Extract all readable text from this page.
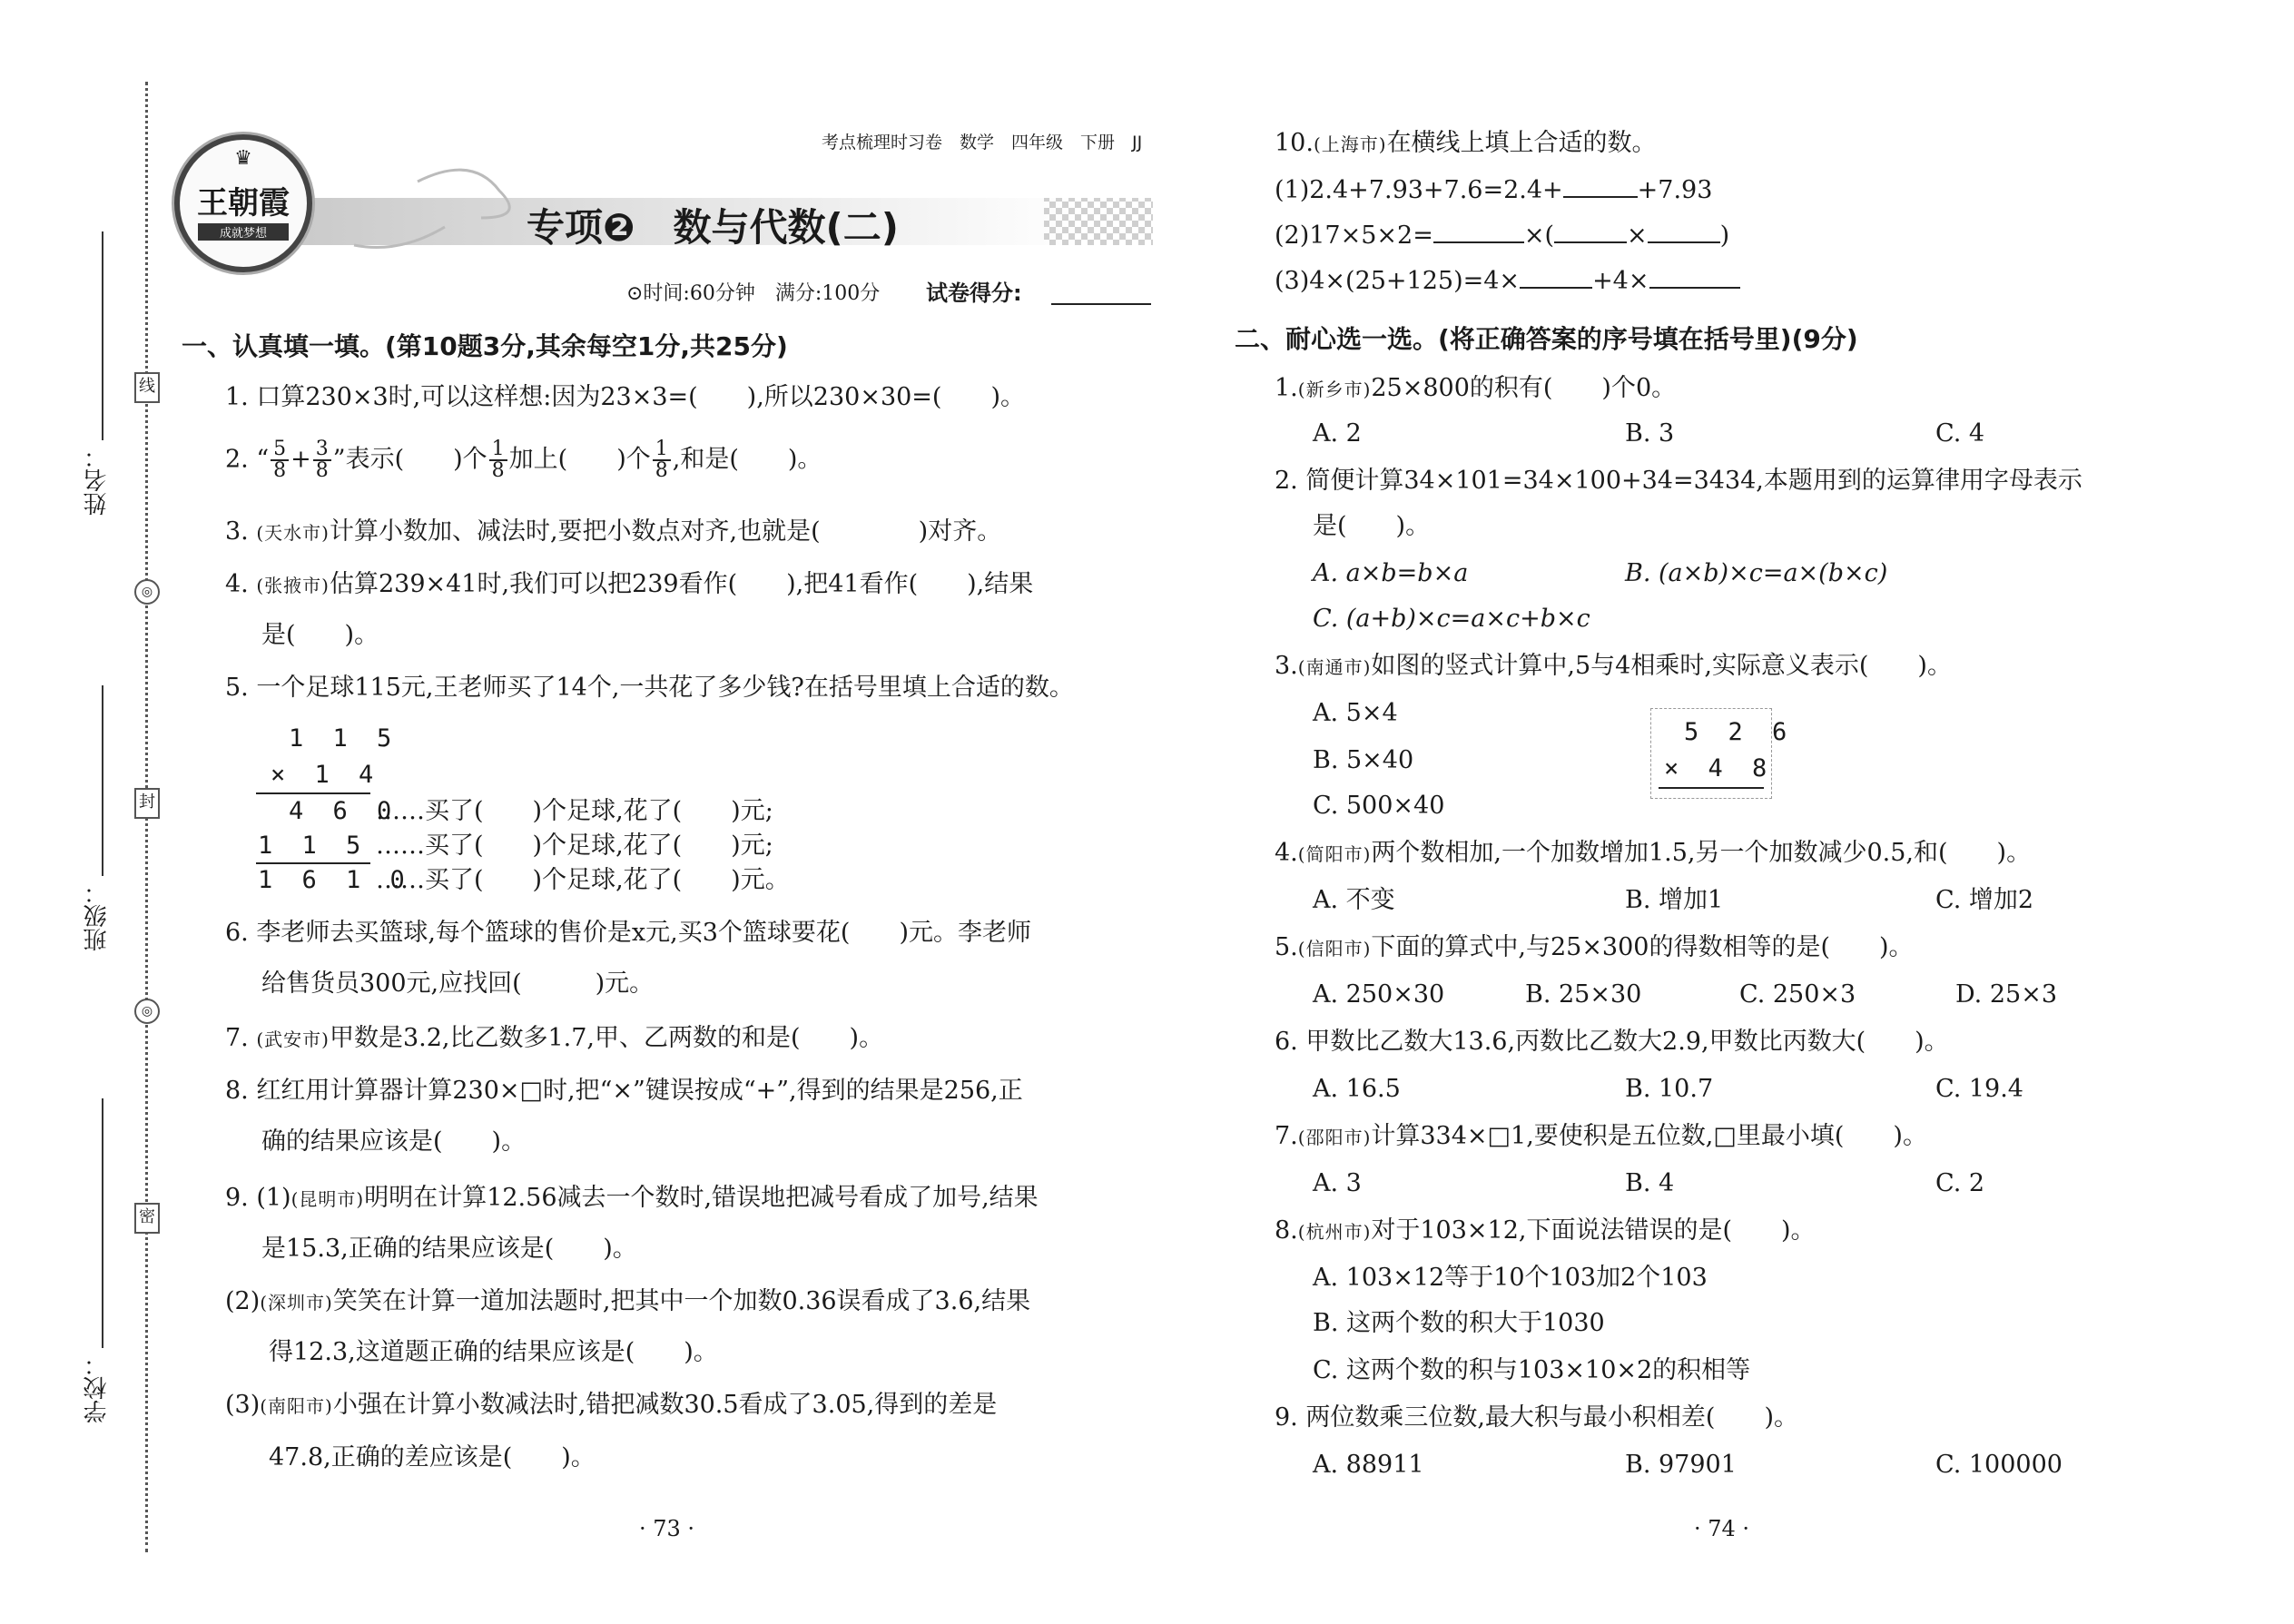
线
◎
封
◎
密
姓名：
班级：
学校：
♛
王朝霞
成就梦想
考点梳理时习卷　数学　四年级　下册　JJ
专项❷　数与代数(二)
⊙时间:60分钟　满分:100分 试卷得分:
一、认真填一填。(第10题3分,其余每空1分,共25分)
1. 口算230×3时,可以这样想:因为23×3=(　　),所以230×30=(　　)。
2. “ $\frac{5}{8} + \frac{3}{8}$ ”表示(　　)个 $\frac{1}{8}$ 加上(　　)个 $\frac{1}{8}$ ,和是(　　)。
3. (天水市)计算小数加、减法时,要把小数点对齐,也就是(　　　　)对齐。
4. (张掖市)估算239×41时,我们可以把239看作(　　),把41看作(　　),结果
是(　　)。
5. 一个足球115元,王老师买了14个,一共花了多少钱?在括号里填上合适的数。
1 1 5
× 1 4
4 6 0
……买了(　　)个足球,花了(　　)元;
1 1 5 ……买了(　　)个足球,花了(　　)元;
1 6 1 0
……买了(　　)个足球,花了(　　)元。
6. 李老师去买篮球,每个篮球的售价是x元,买3个篮球要花(　　)元。李老师
给售货员300元,应找回(　　　)元。
7. (武安市)甲数是3.2,比乙数多1.7,甲、乙两数的和是(　　)。
8. 红红用计算器计算230×□时,把“×”键误按成“+”,得到的结果是256,正
确的结果应该是(　　)。
9. (1)(昆明市)明明在计算12.56减去一个数时,错误地把减号看成了加号,结果
是15.3,正确的结果应该是(　　)。
(2)(深圳市)笑笑在计算一道加法题时,把其中一个加数0.36误看成了3.6,结果
得12.3,这道题正确的结果应该是(　　)。
(3)(南阳市)小强在计算小数减法时,错把减数30.5看成了3.05,得到的差是
47.8,正确的差应该是(　　)。
· 73 ·
10.(上海市)在横线上填上合适的数。
(1)2.4+7.93+7.6=2.4+	+7.93
(2)17×5×2=	×(	×	)
(3)4×(25+125)=4×	+4×
二、耐心选一选。(将正确答案的序号填在括号里)(9分)
1.(新乡市)25×800的积有(　　)个0。
A. 2	B. 3	C. 4
2. 简便计算34×101=34×100+34=3434,本题用到的运算律用字母表示
是(　　)。
A. a×b=b×a	B. (a×b)×c=a×(b×c)
C. (a+b)×c=a×c+b×c
3.(南通市)如图的竖式计算中,5与4相乘时,实际意义表示(　　)。
A. 5×4
B. 5×40
C. 500×40
5 2 6
× 4 8
4.(简阳市)两个数相加,一个加数增加1.5,另一个加数减少0.5,和(　　)。
A. 不变	B. 增加1	C. 增加2
5.(信阳市)下面的算式中,与25×300的得数相等的是(　　)。
A. 250×30	B. 25×30	C. 250×3	D. 25×3
6. 甲数比乙数大13.6,丙数比乙数大2.9,甲数比丙数大(　　)。
A. 16.5	B. 10.7	C. 19.4
7.(邵阳市)计算334×□1,要使积是五位数,□里最小填(　　)。
A. 3	B. 4	C. 2
8.(杭州市)对于103×12,下面说法错误的是(　　)。
A. 103×12等于10个103加2个103
B. 这两个数的积大于1030
C. 这两个数的积与103×10×2的积相等
9. 两位数乘三位数,最大积与最小积相差(　　)。
A. 88911	B. 97901	C. 100000
· 74 ·
